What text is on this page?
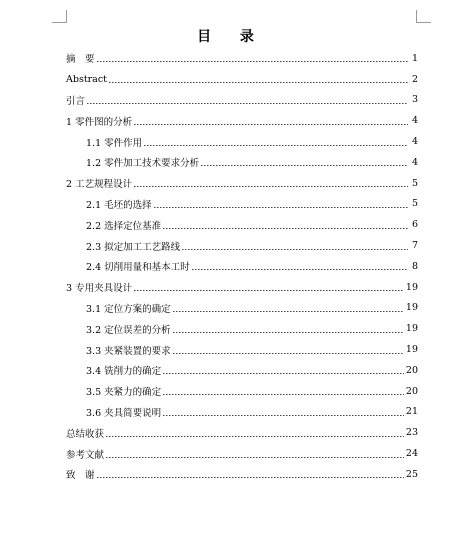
目 录
摘　要	1
Abstract	2
引言	3
1 零件图的分析	4
1.1 零件作用	4
1.2 零件加工技术要求分析	4
2 工艺规程设计	5
2.1 毛坯的选择	5
2.2 选择定位基准	6
2.3 拟定加工工艺路线	7
2.4 切削用量和基本工时	8
3 专用夹具设计	19
3.1 定位方案的确定	19
3.2 定位误差的分析	19
3.3 夹紧装置的要求	19
3.4 铣削力的确定	20
3.5 夹紧力的确定	20
3.6 夹具简要说明	21
总结收获	23
参考文献	24
致　谢	25
